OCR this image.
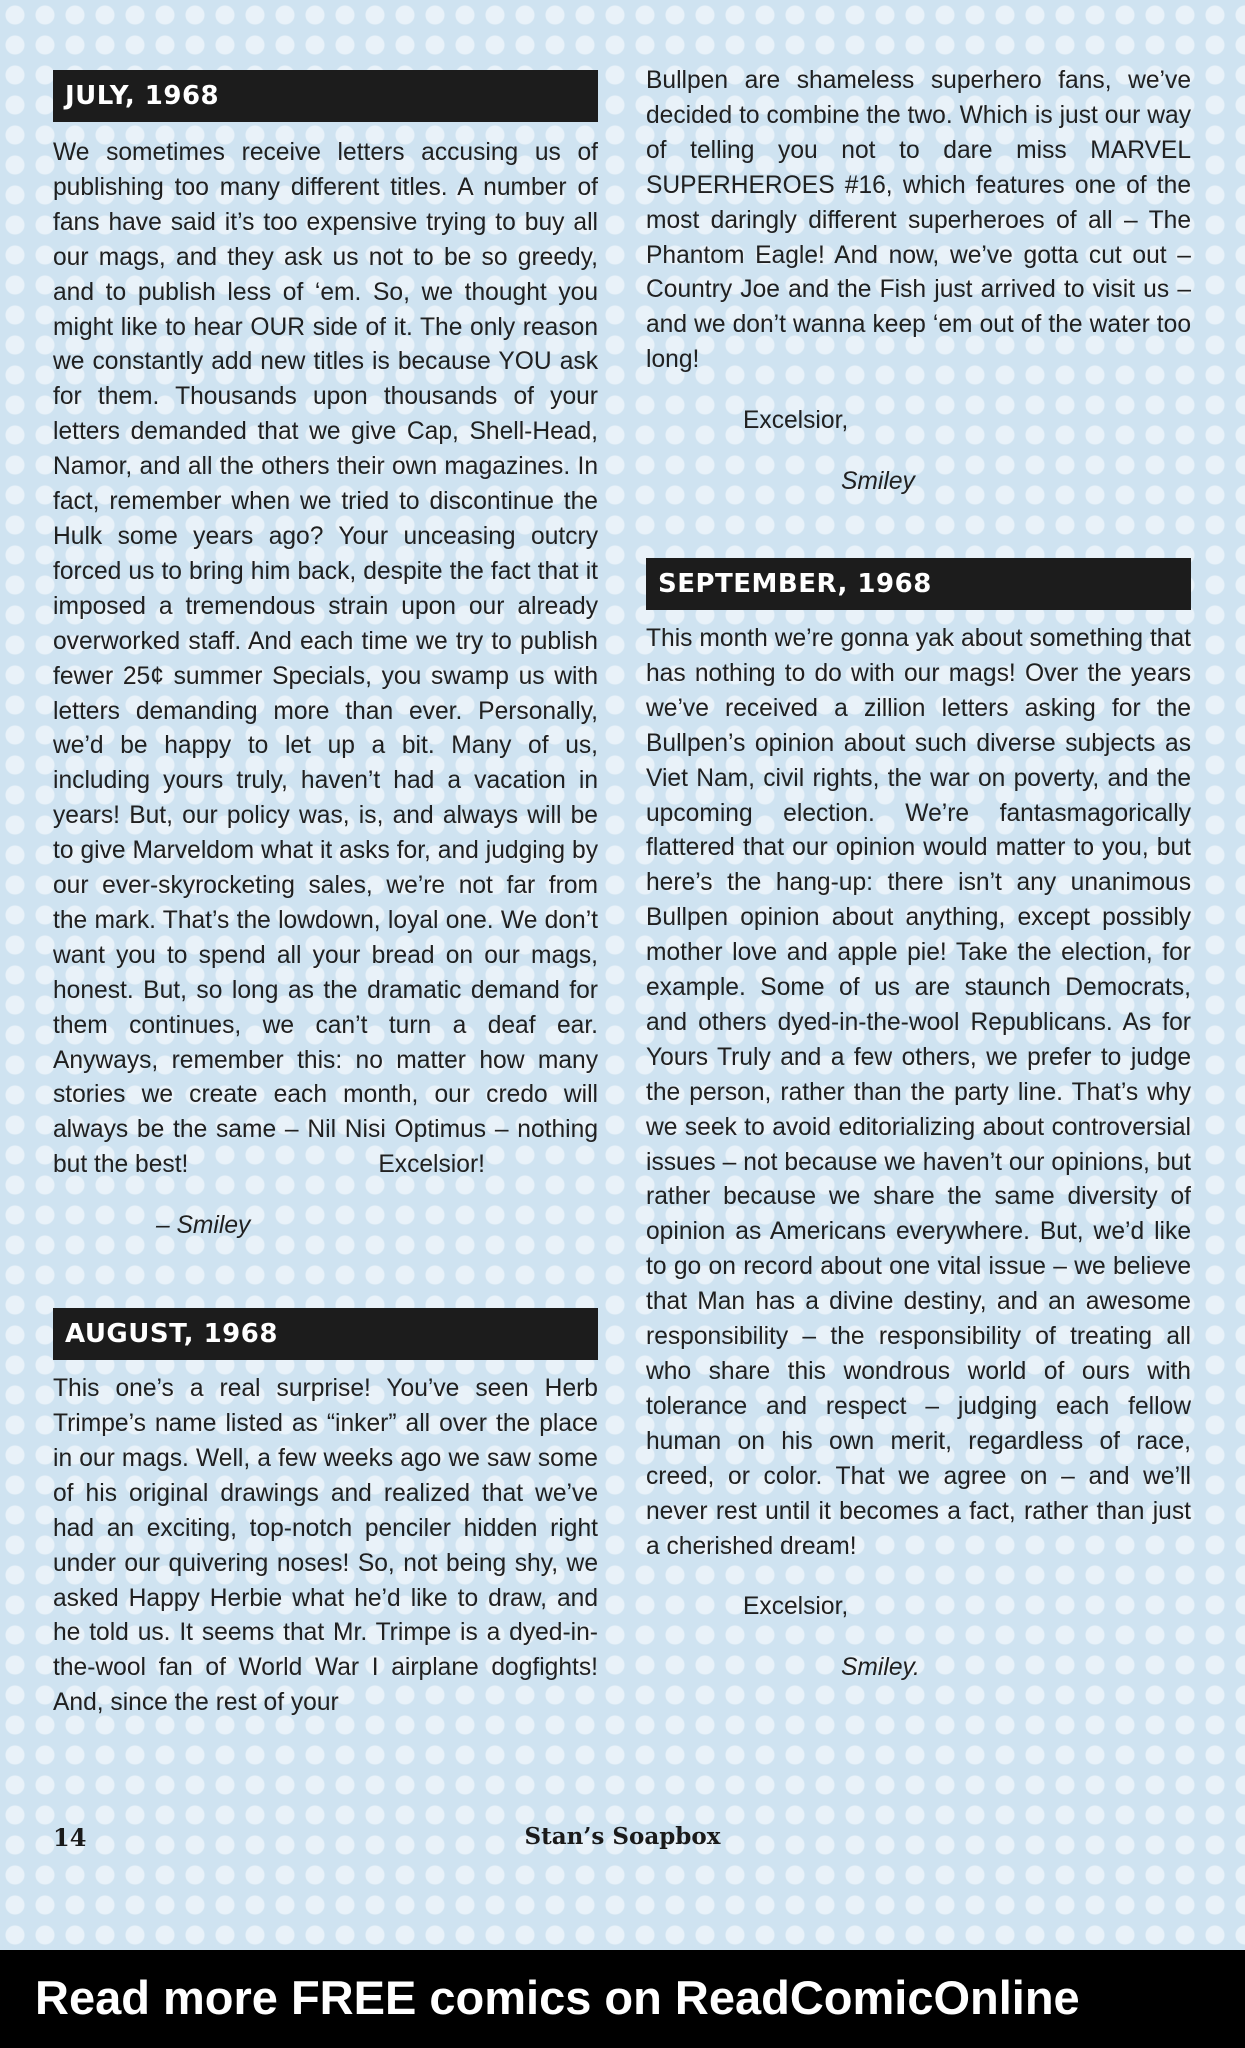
JULY, 1968

We sometimes receive letters accusing us of publishing too many different titles. A number of fans have said it’s too expensive trying to buy all our mags, and they ask us not to be so greedy, and to publish less of ‘em. So, we thought you might like to hear OUR side of it. The only reason we constantly add new titles is because YOU ask for them. Thousands upon thousands of your letters demanded that we give Cap, Shell-Head, Namor, and all the others their own magazines. In fact, remember when we tried to discontinue the Hulk some years ago? Your unceasing outcry forced us to bring him back, despite the fact that it imposed a tremendous strain upon our already overworked staff. And each time we try to publish fewer 25¢ summer Specials, you swamp us with letters demanding more than ever. Personally, we’d be happy to let up a bit. Many of us, including yours truly, haven’t had a vacation in years! But, our policy was, is, and always will be to give Marveldom what it asks for, and judging by our ever-skyrocketing sales, we’re not far from the mark. That’s the lowdown, loyal one. We don’t want you to spend all your bread on our mags, honest. But, so long as the dramatic demand for them continues, we can’t turn a deaf ear. Anyways, remember this: no matter how many stories we create each month, our credo will always be the same – Nil Nisi Optimus – nothing but the best!	Excelsior!

– Smiley

AUGUST, 1968

This one’s a real surprise! You’ve seen Herb Trimpe’s name listed as “inker” all over the place in our mags. Well, a few weeks ago we saw some of his original drawings and realized that we’ve had an exciting, top-notch penciler hidden right under our quivering noses! So, not being shy, we asked Happy Herbie what he’d like to draw, and he told us. It seems that Mr. Trimpe is a dyed-in-the-wool fan of World War I airplane dogfights! And, since the rest of your

Bullpen are shameless superhero fans, we’ve decided to combine the two. Which is just our way of telling you not to dare miss MARVEL SUPERHEROES #16, which features one of the most daringly different superheroes of all – The Phantom Eagle! And now, we’ve gotta cut out – Country Joe and the Fish just arrived to visit us – and we don’t wanna keep ‘em out of the water too long!

Excelsior,

Smiley

SEPTEMBER, 1968

This month we’re gonna yak about something that has nothing to do with our mags! Over the years we’ve received a zillion letters asking for the Bullpen’s opinion about such diverse subjects as Viet Nam, civil rights, the war on poverty, and the upcoming election. We’re fantasmagorically flattered that our opinion would matter to you, but here’s the hang-up: there isn’t any unanimous Bullpen opinion about anything, except possibly mother love and apple pie! Take the election, for example. Some of us are staunch Democrats, and others dyed-in-the-wool Republicans. As for Yours Truly and a few others, we prefer to judge the person, rather than the party line. That’s why we seek to avoid editorializing about controversial issues – not because we haven’t our opinions, but rather because we share the same diversity of opinion as Americans everywhere. But, we’d like to go on record about one vital issue – we believe that Man has a divine destiny, and an awesome responsibility – the responsibility of treating all who share this wondrous world of ours with tolerance and respect – judging each fellow human on his own merit, regardless of race, creed, or color. That we agree on – and we’ll never rest until it becomes a fact, rather than just a cherished dream!

Excelsior,

Smiley.

14	Stan’s Soapbox
Read more FREE comics on ReadComicOnline
